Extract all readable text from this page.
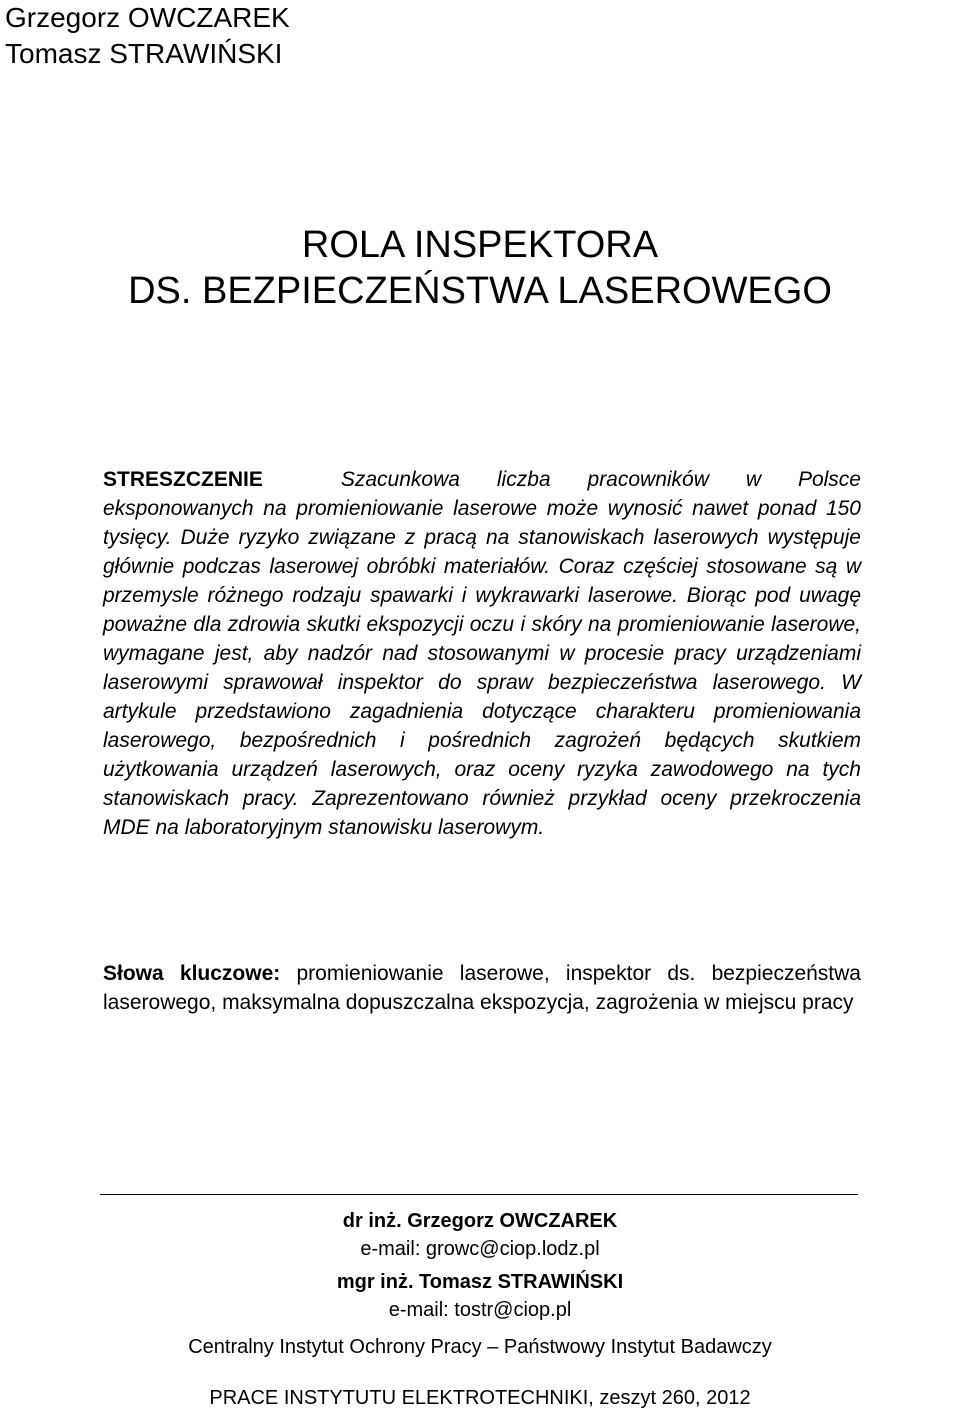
Grzegorz OWCZAREK
Tomasz STRAWIŃSKI
ROLA INSPEKTORA
DS. BEZPIECZEŃSTWA LASEROWEGO
STRESZCZENIE	Szacunkowa liczba pracowników w Polsce eksponowanych na promieniowanie laserowe może wynosić nawet ponad 150 tysięcy. Duże ryzyko związane z pracą na stanowiskach laserowych występuje głównie podczas laserowej obróbki materiałów. Coraz częściej stosowane są w przemysle różnego rodzaju spawarki i wykrawarki laserowe. Biorąc pod uwagę poważne dla zdrowia skutki ekspozycji oczu i skóry na promieniowanie laserowe, wymagane jest, aby nadzór nad stosowanymi w procesie pracy urządzeniami laserowymi sprawował inspektor do spraw bezpieczeństwa laserowego. W artykule przedstawiono zagadnienia dotyczące charakteru promieniowania laserowego, bezpośrednich i pośrednich zagrożeń będących skutkiem użytkowania urządzeń laserowych, oraz oceny ryzyka zawodowego na tych stanowiskach pracy. Zaprezentowano również przykład oceny przekroczenia MDE na laboratoryjnym stanowisku laserowym.
Słowa kluczowe: promieniowanie laserowe, inspektor ds. bezpieczeństwa laserowego, maksymalna dopuszczalna ekspozycja, zagrożenia w miejscu pracy
dr inż. Grzegorz OWCZAREK
e-mail: growc@ciop.lodz.pl
mgr inż. Tomasz STRAWIŃSKI
e-mail: tostr@ciop.pl
Centralny Instytut Ochrony Pracy – Państwowy Instytut Badawczy
PRACE INSTYTUTU ELEKTROTECHNIKI, zeszyt 260, 2012
